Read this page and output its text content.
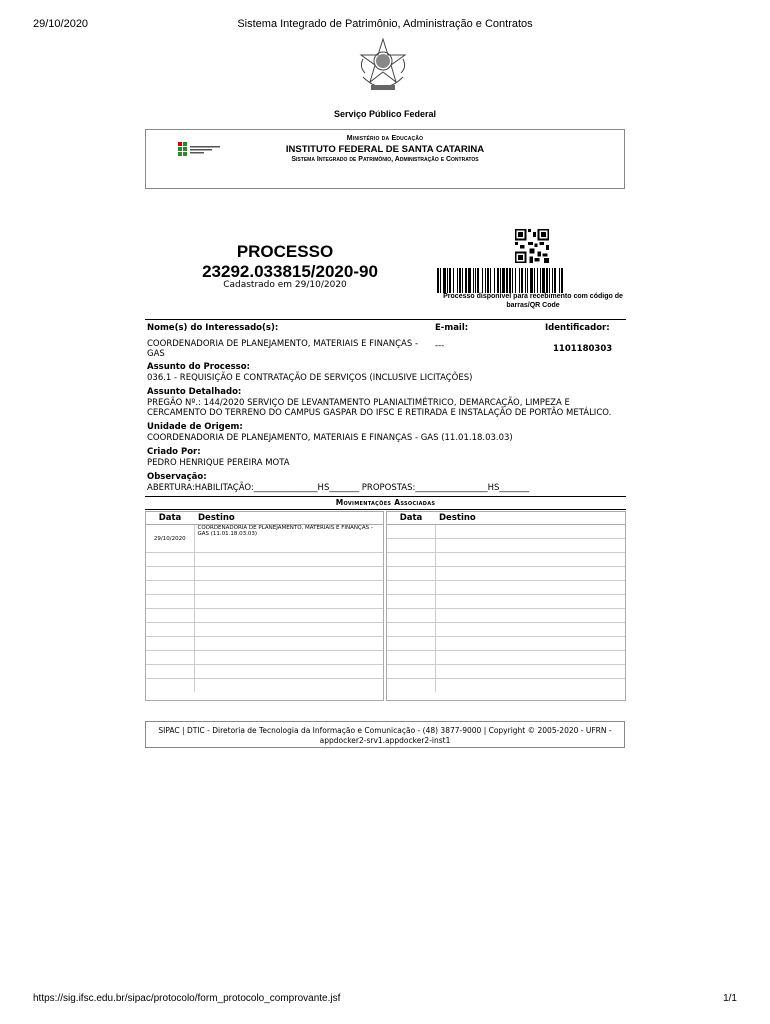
29/10/2020	Sistema Integrado de Patrimônio, Administração e Contratos
Serviço Público Federal
Ministério da Educação
INSTITUTO FEDERAL DE SANTA CATARINA
Sistema Integrado de Patrimônio, Administração e Contratos
PROCESSO
23292.033815/2020-90
Cadastrado em 29/10/2020
Processo disponível para recebimento com código de barras/QR Code
Nome(s) do Interessado(s):	E-mail:	Identificador:
COORDENADORIA DE PLANEJAMENTO, MATERIAIS E FINANÇAS - GAS
---	1101180303
Assunto do Processo:
036.1 - REQUISIÇÃO E CONTRATAÇÃO DE SERVIÇOS (INCLUSIVE LICITAÇÕES)
Assunto Detalhado:
PREGÃO Nº.: 144/2020 SERVIÇO DE LEVANTAMENTO PLANIALTIMÉTRICO, DEMARCAÇÃO, LIMPEZA E CERCAMENTO DO TERRENO DO CAMPUS GASPAR DO IFSC E RETIRADA E INSTALAÇÃO DE PORTÃO METÁLICO.
Unidade de Origem:
COORDENADORIA DE PLANEJAMENTO, MATERIAIS E FINANÇAS - GAS (11.01.18.03.03)
Criado Por:
PEDRO HENRIQUE PEREIRA MOTA
Observação:
ABERTURA:HABILITAÇÃO:_______________HS_______ PROPOSTAS:_________________HS_______
Movimentações Associadas
Data	Destino
29/10/2020	COORDENADORIA DE PLANEJAMENTO, MATERIAIS E FINANÇAS - GAS (11.01.18.03.03)

Data	Destino

SIPAC | DTIC - Diretoria de Tecnologia da Informação e Comunicação - (48) 3877-9000 | Copyright © 2005-2020 - UFRN - appdocker2-srv1.appdocker2-inst1
https://sig.ifsc.edu.br/sipac/protocolo/form_protocolo_comprovante.jsf	1/1
